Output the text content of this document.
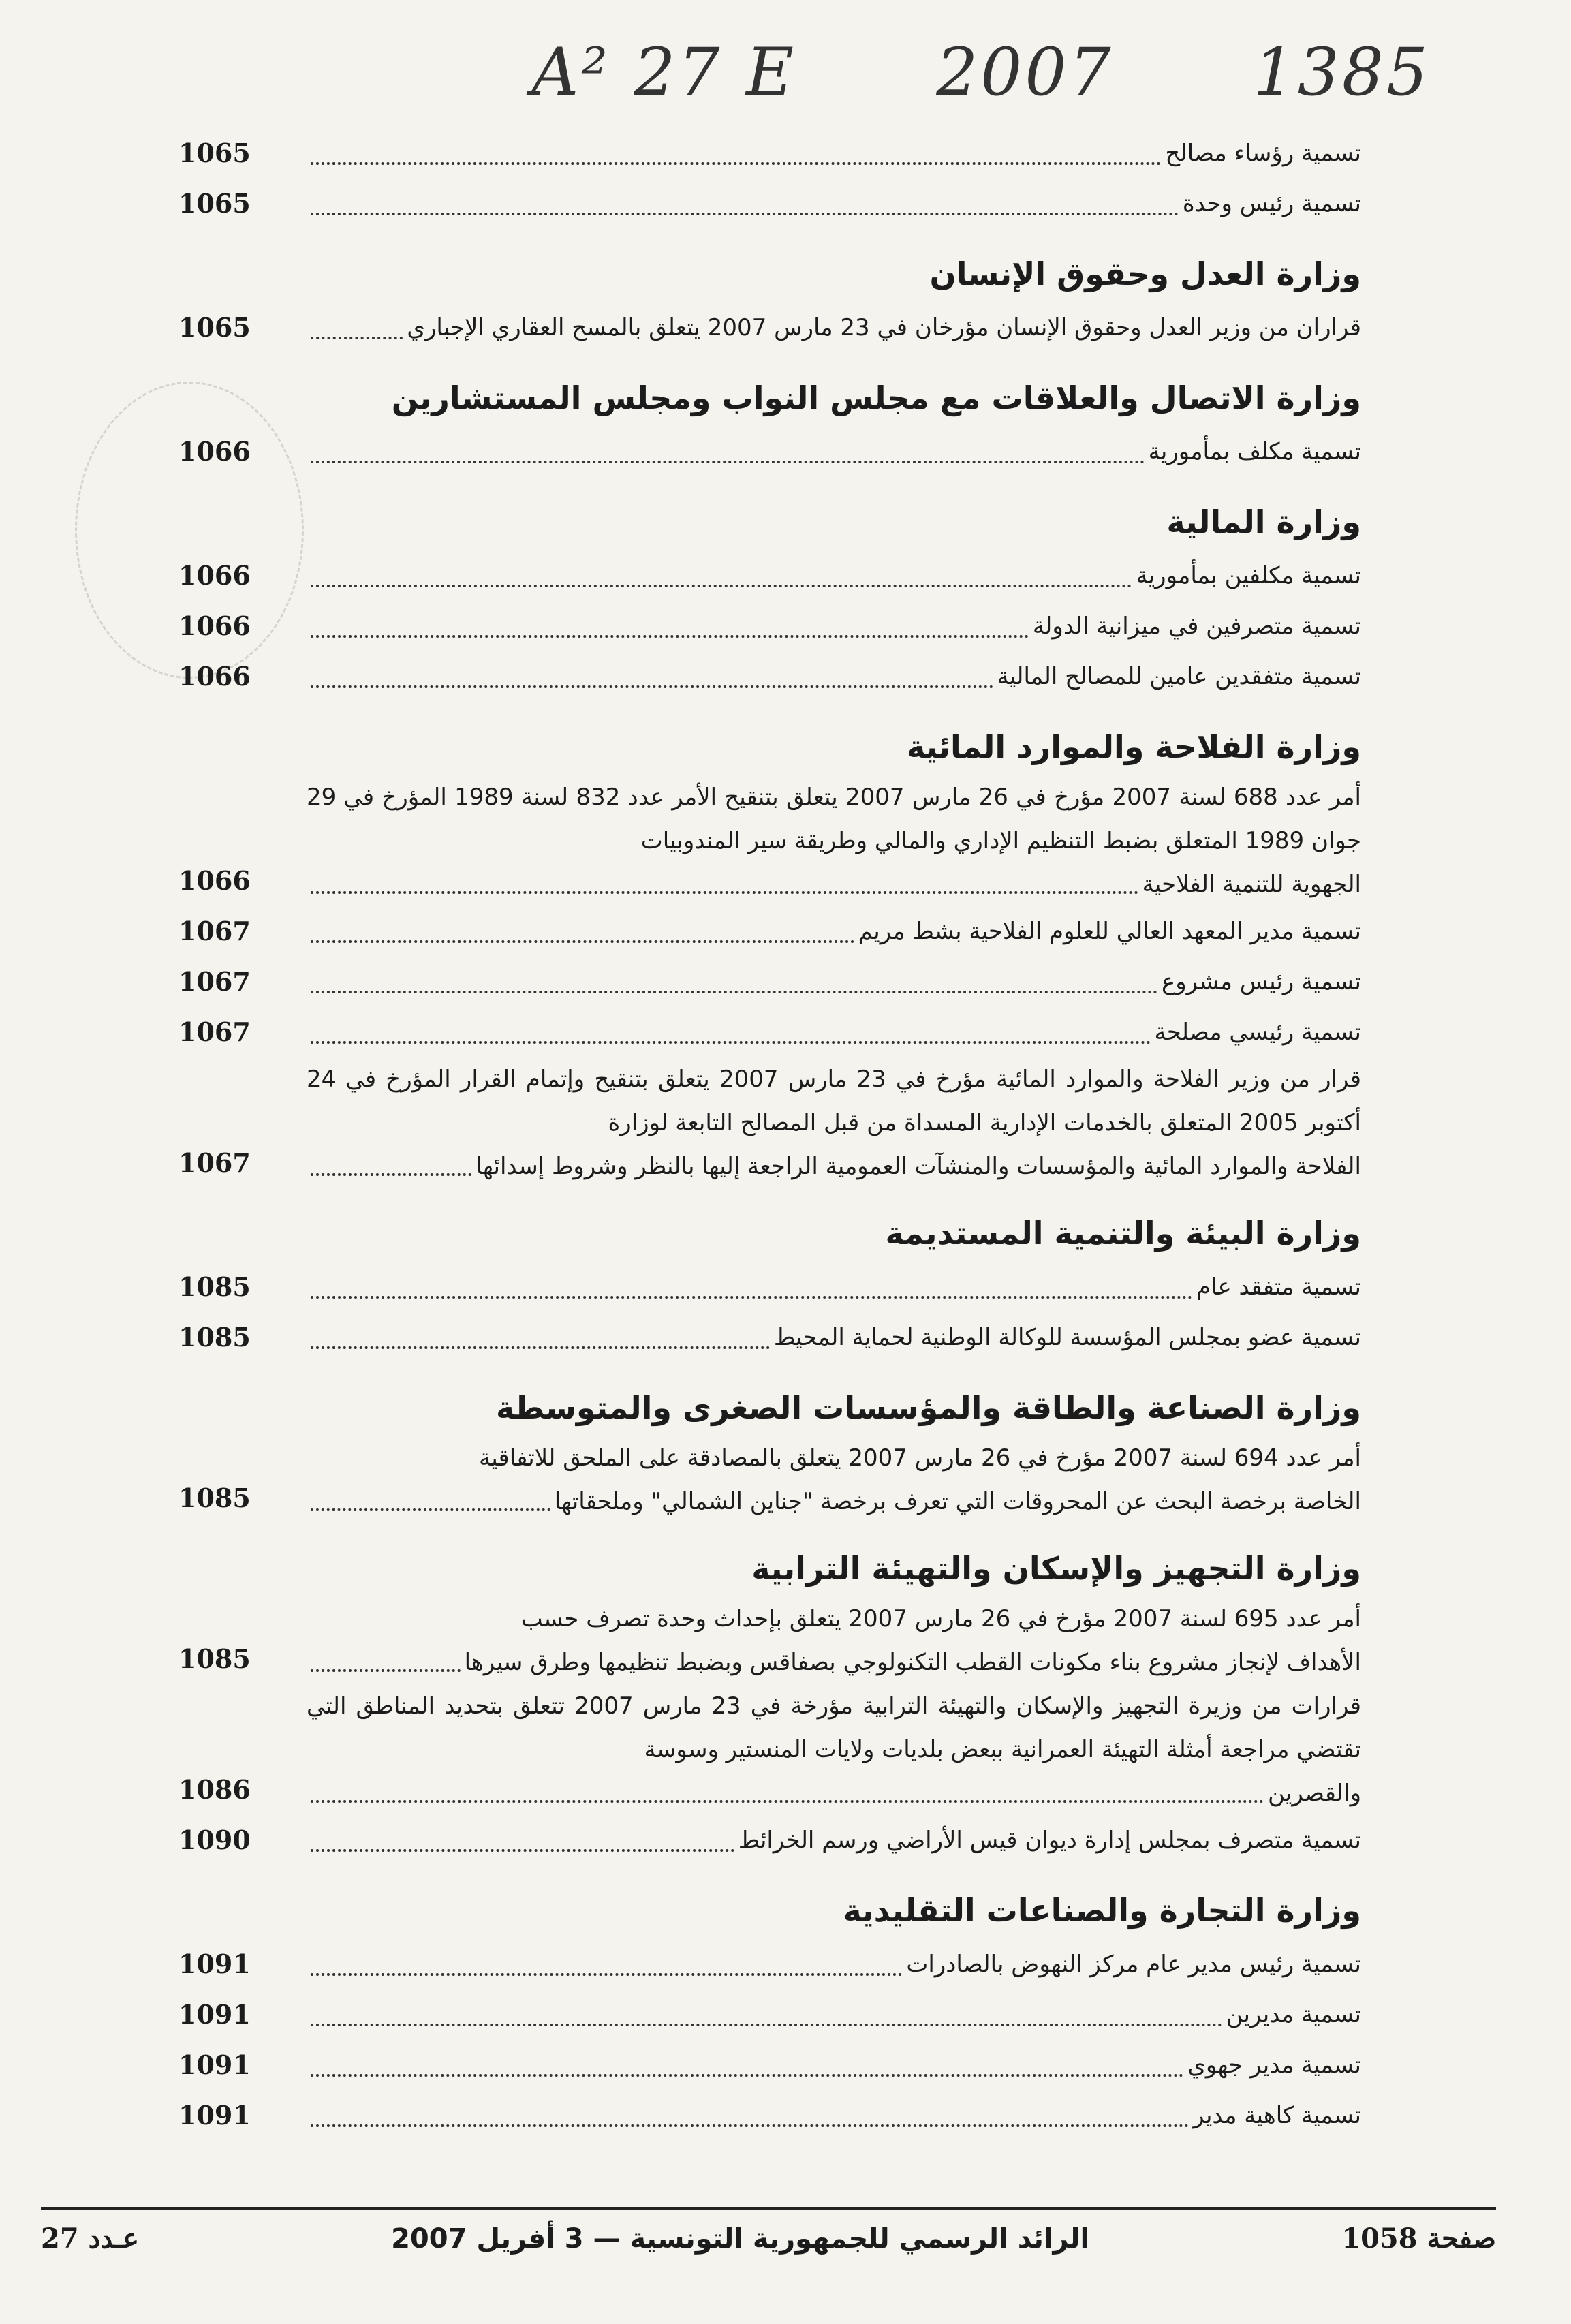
A² 27 E 2007 1385
تسمية رؤساء مصالح
1065
تسمية رئيس وحدة
1065
وزارة العدل وحقوق الإنسان
قراران من وزير العدل وحقوق الإنسان مؤرخان في 23 مارس 2007 يتعلق بالمسح العقاري الإجباري
1065
وزارة الاتصال والعلاقات مع مجلس النواب ومجلس المستشارين
تسمية مكلف بمأمورية
1066
وزارة المالية
تسمية مكلفين بمأمورية
1066
تسمية متصرفين في ميزانية الدولة
1066
تسمية متفقدين عامين للمصالح المالية
1066
وزارة الفلاحة والموارد المائية
أمر عدد 688 لسنة 2007 مؤرخ في 26 مارس 2007 يتعلق بتنقيح الأمر عدد 832 لسنة 1989 المؤرخ في 29 جوان 1989 المتعلق بضبط التنظيم الإداري والمالي وطريقة سير المندوبيات
الجهوية للتنمية الفلاحية
1066
تسمية مدير المعهد العالي للعلوم الفلاحية بشط مريم
1067
تسمية رئيس مشروع
1067
تسمية رئيسي مصلحة
1067
قرار من وزير الفلاحة والموارد المائية مؤرخ في 23 مارس 2007 يتعلق بتنقيح وإتمام القرار المؤرخ في 24 أكتوبر 2005 المتعلق بالخدمات الإدارية المسداة من قبل المصالح التابعة لوزارة
الفلاحة والموارد المائية والمؤسسات والمنشآت العمومية الراجعة إليها بالنظر وشروط إسدائها
1067
وزارة البيئة والتنمية المستديمة
تسمية متفقد عام
1085
تسمية عضو بمجلس المؤسسة للوكالة الوطنية لحماية المحيط
1085
وزارة الصناعة والطاقة والمؤسسات الصغرى والمتوسطة
أمر عدد 694 لسنة 2007 مؤرخ في 26 مارس 2007 يتعلق بالمصادقة على الملحق للاتفاقية
الخاصة برخصة البحث عن المحروقات التي تعرف برخصة "جناين الشمالي" وملحقاتها
1085
وزارة التجهيز والإسكان والتهيئة الترابية
أمر عدد 695 لسنة 2007 مؤرخ في 26 مارس 2007 يتعلق بإحداث وحدة تصرف حسب
الأهداف لإنجاز مشروع بناء مكونات القطب التكنولوجي بصفاقس وبضبط تنظيمها وطرق سيرها
1085
قرارات من وزيرة التجهيز والإسكان والتهيئة الترابية مؤرخة في 23 مارس 2007 تتعلق بتحديد المناطق التي تقتضي مراجعة أمثلة التهيئة العمرانية ببعض بلديات ولايات المنستير وسوسة
والقصرين
1086
تسمية متصرف بمجلس إدارة ديوان قيس الأراضي ورسم الخرائط
1090
وزارة التجارة والصناعات التقليدية
تسمية رئيس مدير عام مركز النهوض بالصادرات
1091
تسمية مديرين
1091
تسمية مدير جهوي
1091
تسمية كاهية مدير
1091
عـدد 27	الرائد الرسمي للجمهورية التونسية — 3 أفريل 2007	صفحة 1058
